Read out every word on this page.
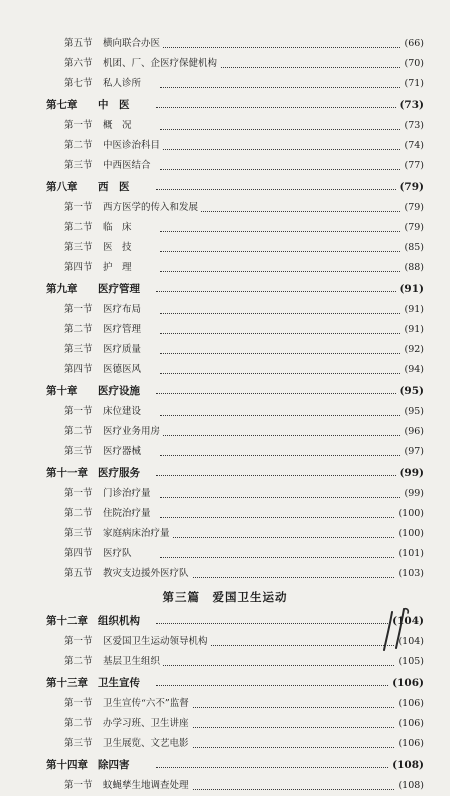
第五节 横向联合办医	(66)
第六节 机团、厂、企医疗保健机构	(70)
第七节 私人诊所	(71)
第七章 中　医	(73)
第一节 概　况	(73)
第二节 中医诊治科目	(74)
第三节 中西医结合	(77)
第八章 西　医	(79)
第一节 西方医学的传入和发展	(79)
第二节 临　床	(79)
第三节 医　技	(85)
第四节 护　理	(88)
第九章 医疗管理	(91)
第一节 医疗布局	(91)
第二节 医疗管理	(91)
第三节 医疗质量	(92)
第四节 医德医风	(94)
第十章 医疗设施	(95)
第一节 床位建设	(95)
第二节 医疗业务用房	(96)
第三节 医疗器械	(97)
第十一章 医疗服务	(99)
第一节 门诊治疗量	(99)
第二节 住院治疗量	(100)
第三节 家庭病床治疗量	(100)
第四节 医疗队	(101)
第五节 教灾支边援外医疗队	(103)
第三篇　爱国卫生运动
第十二章 组织机构	(104)
第一节 区爱国卫生运动领导机构	(104)
第二节 基层卫生组织	(105)
第十三章 卫生宣传	(106)
第一节 卫生宣传“六不”监督	(106)
第二节 办学习班、卫生讲座	(106)
第三节 卫生展览、文艺电影	(106)
第十四章 除四害	(108)
第一节 蚊蝇孳生地调查处理	(108)
